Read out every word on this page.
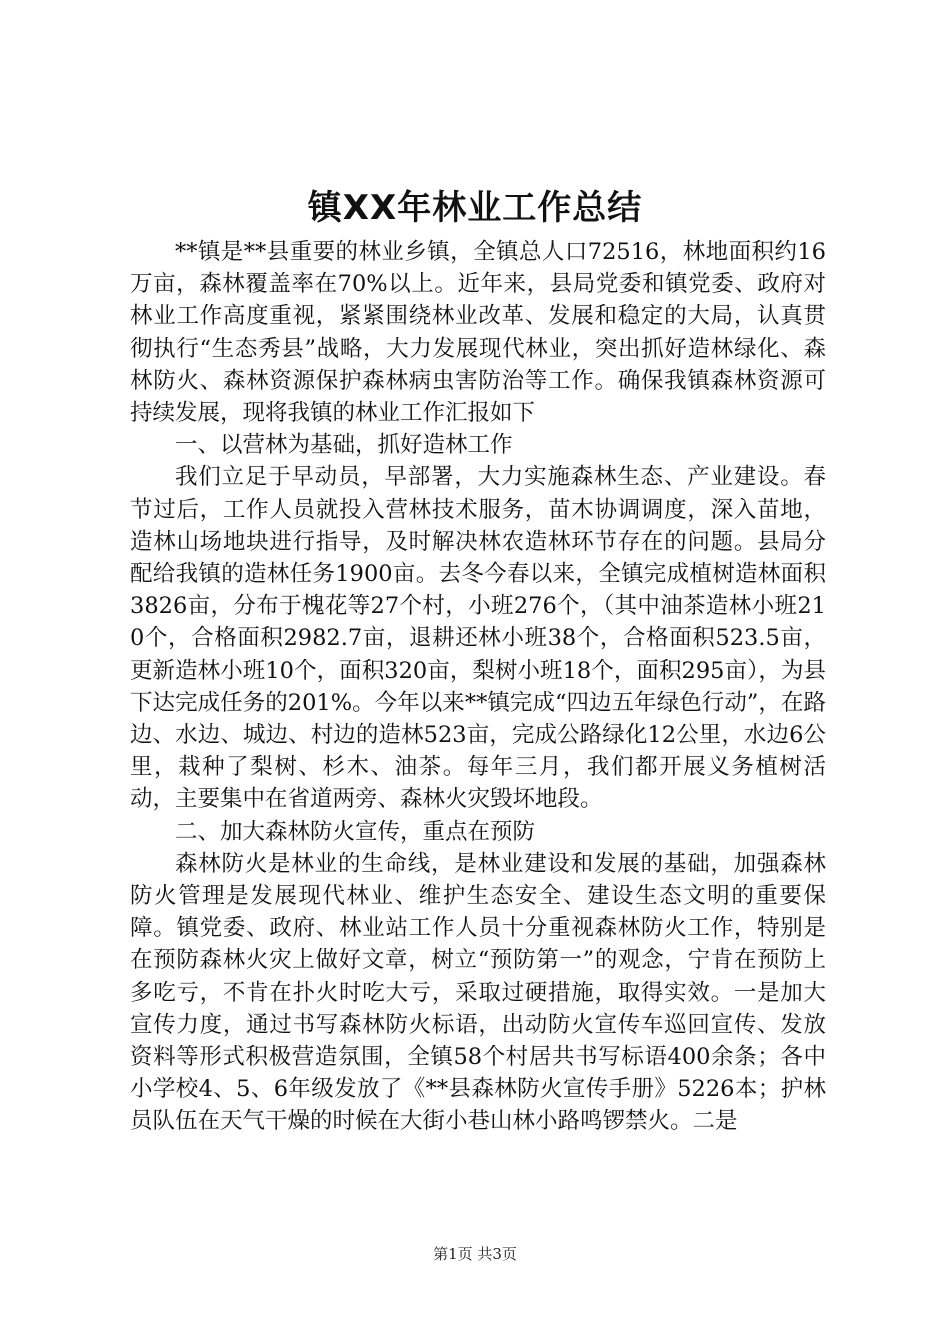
镇XX年林业工作总结

**镇是**县重要的林业乡镇，全镇总人口72516，林地面积约16万亩，森林覆盖率在70%以上。近年来，县局党委和镇党委、政府对林业工作高度重视，紧紧围绕林业改革、发展和稳定的大局，认真贯彻执行“生态秀县”战略，大力发展现代林业，突出抓好造林绿化、森林防火、森林资源保护森林病虫害防治等工作。确保我镇森林资源可持续发展，现将我镇的林业工作汇报如下

一、以营林为基础，抓好造林工作

我们立足于早动员，早部署，大力实施森林生态、产业建设。春节过后，工作人员就投入营林技术服务，苗木协调调度，深入苗地，造林山场地块进行指导，及时解决林农造林环节存在的问题。县局分配给我镇的造林任务1900亩。去冬今春以来，全镇完成植树造林面积3826亩，分布于槐花等27个村，小班276个，（其中油茶造林小班210个，合格面积2982.7亩，退耕还林小班38个，合格面积523.5亩，更新造林小班10个，面积320亩，梨树小班18个，面积295亩），为县下达完成任务的201%。今年以来**镇完成“四边五年绿色行动”，在路边、水边、城边、村边的造林523亩，完成公路绿化12公里，水边6公里，栽种了梨树、杉木、油茶。每年三月，我们都开展义务植树活动，主要集中在省道两旁、森林火灾毁坏地段。

二、加大森林防火宣传，重点在预防

森林防火是林业的生命线，是林业建设和发展的基础，加强森林防火管理是发展现代林业、维护生态安全、建设生态文明的重要保障。镇党委、政府、林业站工作人员十分重视森林防火工作，特别是在预防森林火灾上做好文章，树立“预防第一”的观念，宁肯在预防上多吃亏，不肯在扑火时吃大亏，采取过硬措施，取得实效。一是加大宣传力度，通过书写森林防火标语，出动防火宣传车巡回宣传、发放资料等形式积极营造氛围，全镇58个村居共书写标语400余条；各中小学校4、5、6年级发放了《**县森林防火宣传手册》5226本；护林员队伍在天气干燥的时候在大街小巷山林小路鸣锣禁火。二是

第1页 共3页
